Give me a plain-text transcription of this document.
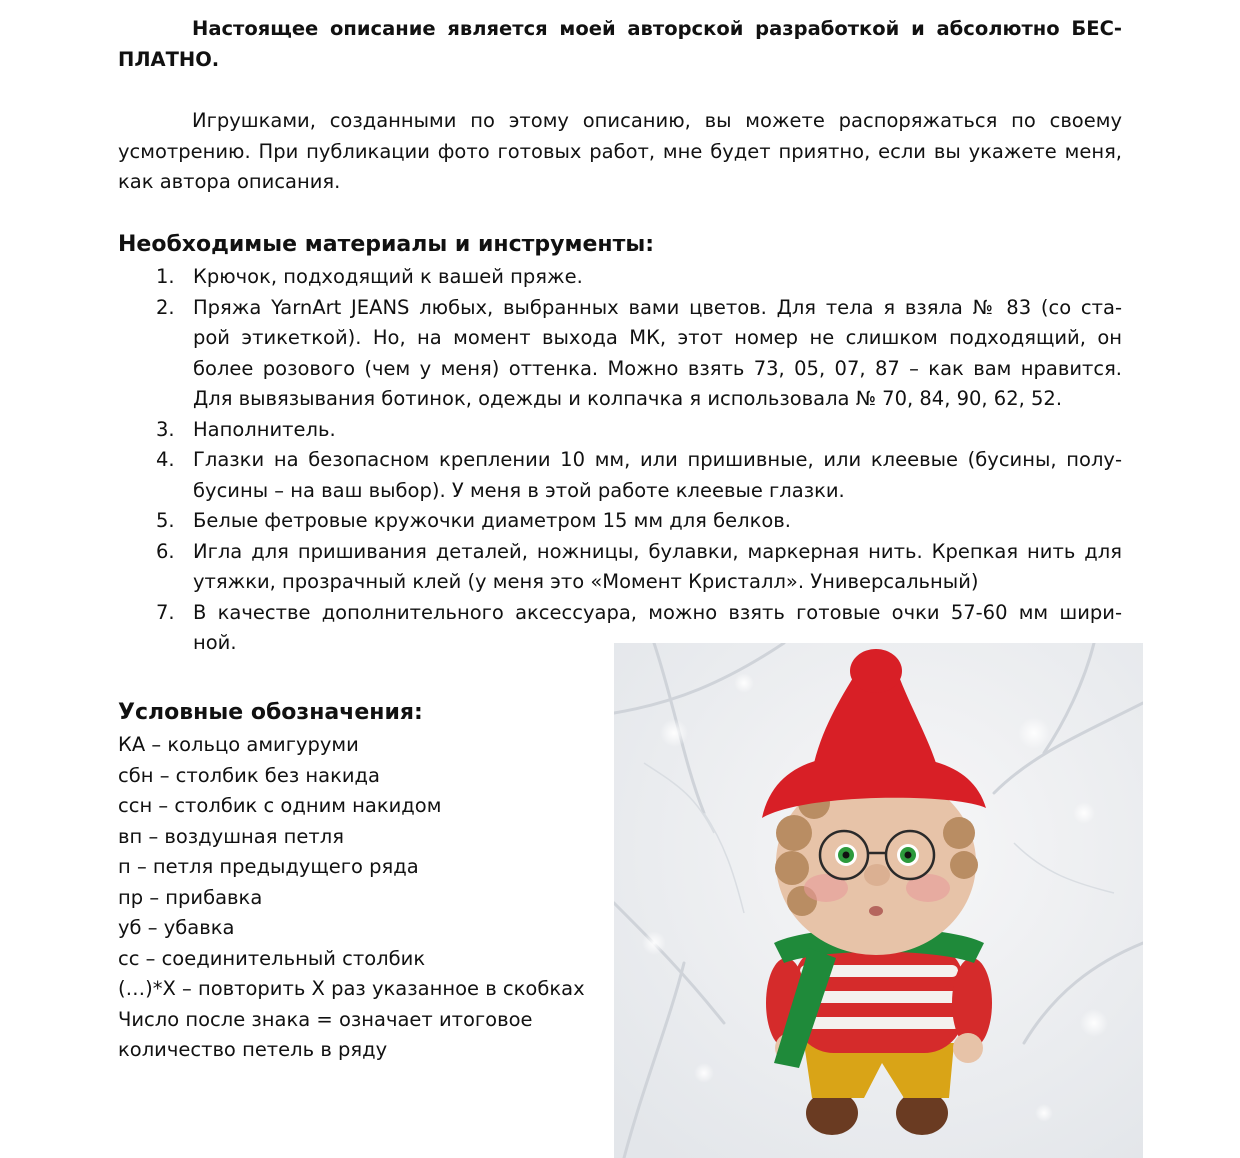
Настоящее описание является моей авторской разработкой и абсолютно БЕС-
ПЛАТНО.
Игрушками, созданными по этому описанию, вы можете распоряжаться по своему
усмотрению. При публикации фото готовых работ, мне будет приятно, если вы укажете меня,
как автора описания.
Необходимые материалы и инструменты:
1. Крючок, подходящий к вашей пряже.
2. Пряжа YarnArt JEANS любых, выбранных вами цветов. Для тела я взяла № 83 (со ста-
рой этикеткой). Но, на момент выхода МК, этот номер не слишком подходящий, он
более розового (чем у меня) оттенка. Можно взять 73, 05, 07, 87 – как вам нравится.
Для вывязывания ботинок, одежды и колпачка я использовала № 70, 84, 90, 62, 52.
3. Наполнитель.
4. Глазки на безопасном креплении 10 мм, или пришивные, или клеевые (бусины, полу-
бусины – на ваш выбор). У меня в этой работе клеевые глазки.
5. Белые фетровые кружочки диаметром 15 мм для белков.
6. Игла для пришивания деталей, ножницы, булавки, маркерная нить. Крепкая нить для
утяжки, прозрачный клей (у меня это «Момент Кристалл». Универсальный)
7. В качестве дополнительного аксессуара, можно взять готовые очки 57-60 мм шири-
ной.
Условные обозначения:
КА – кольцо амигуруми
сбн – столбик без накида
ссн – столбик с одним накидом
вп – воздушная петля
п – петля предыдущего ряда
пр – прибавка
уб – убавка
сс – соединительный столбик
(…)*Х – повторить Х раз указанное в скобках
Число после знака = означает итоговое
количество петель в ряду
